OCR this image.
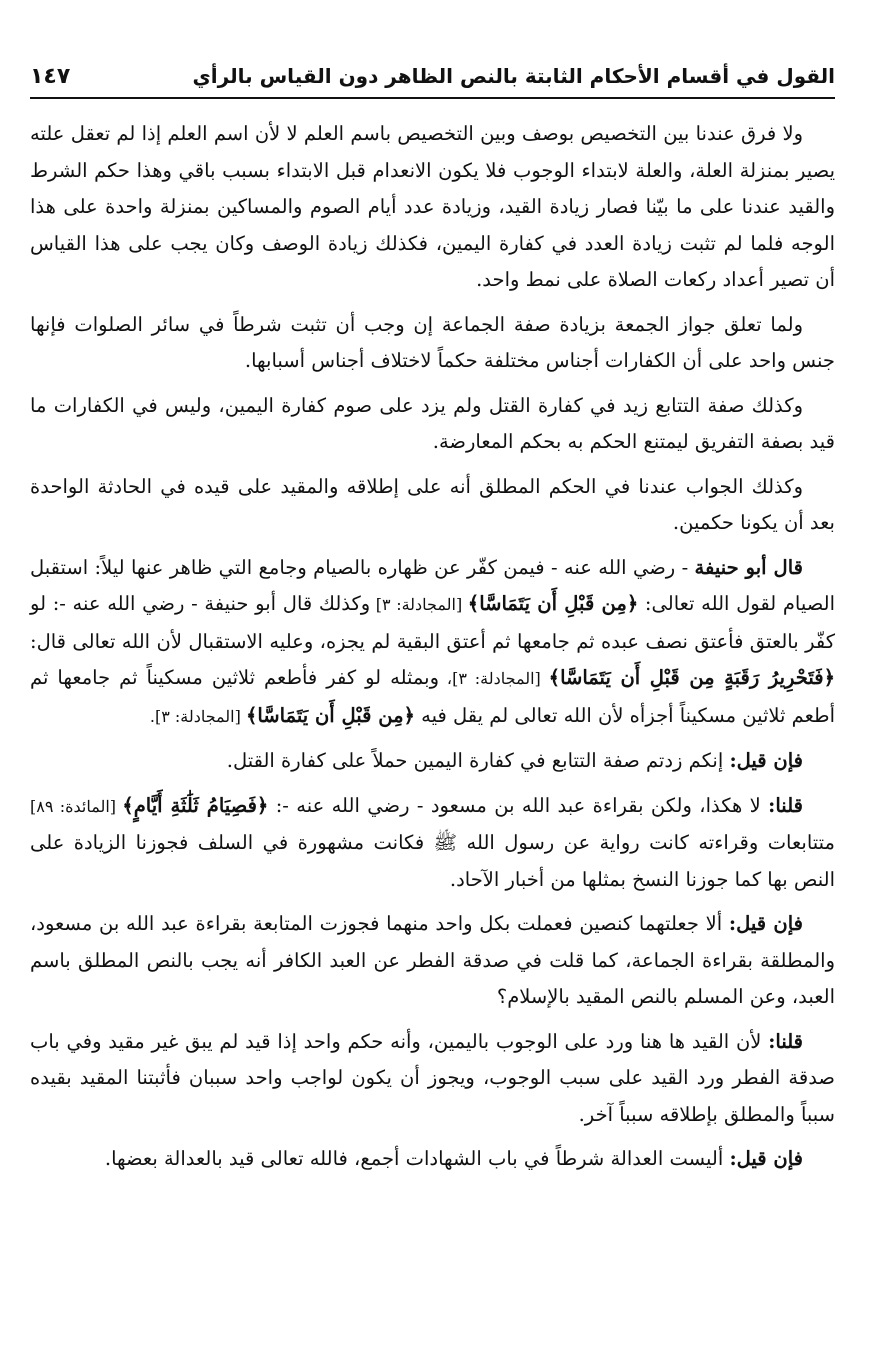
القول في أقسام الأحكام الثابتة بالنص الظاهر دون القياس بالرأي
١٤٧

ولا فرق عندنا بين التخصيص بوصف وبين التخصيص باسم العلم لا لأن اسم العلم إذا لم تعقل علته يصير بمنزلة العلة، والعلة لابتداء الوجوب فلا يكون الانعدام قبل الابتداء بسبب باقي وهذا حكم الشرط والقيد عندنا على ما بيّنا فصار زيادة القيد، وزيادة عدد أيام الصوم والمساكين بمنزلة واحدة على هذا الوجه فلما لم تثبت زيادة العدد في كفارة اليمين، فكذلك زيادة الوصف وكان يجب على هذا القياس أن تصير أعداد ركعات الصلاة على نمط واحد.

ولما تعلق جواز الجمعة بزيادة صفة الجماعة إن وجب أن تثبت شرطاً في سائر الصلوات فإنها جنس واحد على أن الكفارات أجناس مختلفة حكماً لاختلاف أجناس أسبابها.

وكذلك صفة التتابع زيد في كفارة القتل ولم يزد على صوم كفارة اليمين، وليس في الكفارات ما قيد بصفة التفريق ليمتنع الحكم به بحكم المعارضة.

وكذلك الجواب عندنا في الحكم المطلق أنه على إطلاقه والمقيد على قيده في الحادثة الواحدة بعد أن يكونا حكمين.

قال أبو حنيفة - رضي الله عنه - فيمن كفّر عن ظهاره بالصيام وجامع التي ظاهر عنها ليلاً: استقبل الصيام لقول الله تعالى: ﴿مِن قَبْلِ أَن يَتَمَاسَّا﴾ [المجادلة: ٣] وكذلك قال أبو حنيفة - رضي الله عنه -: لو كفّر بالعتق فأعتق نصف عبده ثم جامعها ثم أعتق البقية لم يجزه، وعليه الاستقبال لأن الله تعالى قال: ﴿فَتَحْرِيرُ رَقَبَةٍ مِن قَبْلِ أَن يَتَمَاسَّا﴾ [المجادلة: ٣]، وبمثله لو كفر فأطعم ثلاثين مسكيناً ثم جامعها ثم أطعم ثلاثين مسكيناً أجزأه لأن الله تعالى لم يقل فيه ﴿مِن قَبْلِ أَن يَتَمَاسَّا﴾ [المجادلة: ٣].

فإن قيل: إنكم زدتم صفة التتابع في كفارة اليمين حملاً على كفارة القتل.

قلنا: لا هكذا، ولكن بقراءة عبد الله بن مسعود - رضي الله عنه -: ﴿فَصِيَامُ ثَلَٰثَةِ أَيَّامٍ﴾ [المائدة: ٨٩] متتابعات وقراءته كانت رواية عن رسول الله ﷺ فكانت مشهورة في السلف فجوزنا الزيادة على النص بها كما جوزنا النسخ بمثلها من أخبار الآحاد.

فإن قيل: ألا جعلتهما كنصين فعملت بكل واحد منهما فجوزت المتابعة بقراءة عبد الله بن مسعود، والمطلقة بقراءة الجماعة، كما قلت في صدقة الفطر عن العبد الكافر أنه يجب بالنص المطلق باسم العبد، وعن المسلم بالنص المقيد بالإسلام؟

قلنا: لأن القيد ها هنا ورد على الوجوب باليمين، وأنه حكم واحد إذا قيد لم يبق غير مقيد وفي باب صدقة الفطر ورد القيد على سبب الوجوب، ويجوز أن يكون لواجب واحد سببان فأثبتنا المقيد بقيده سبباً والمطلق بإطلاقه سبباً آخر.

فإن قيل: أليست العدالة شرطاً في باب الشهادات أجمع، فالله تعالى قيد بالعدالة بعضها.
